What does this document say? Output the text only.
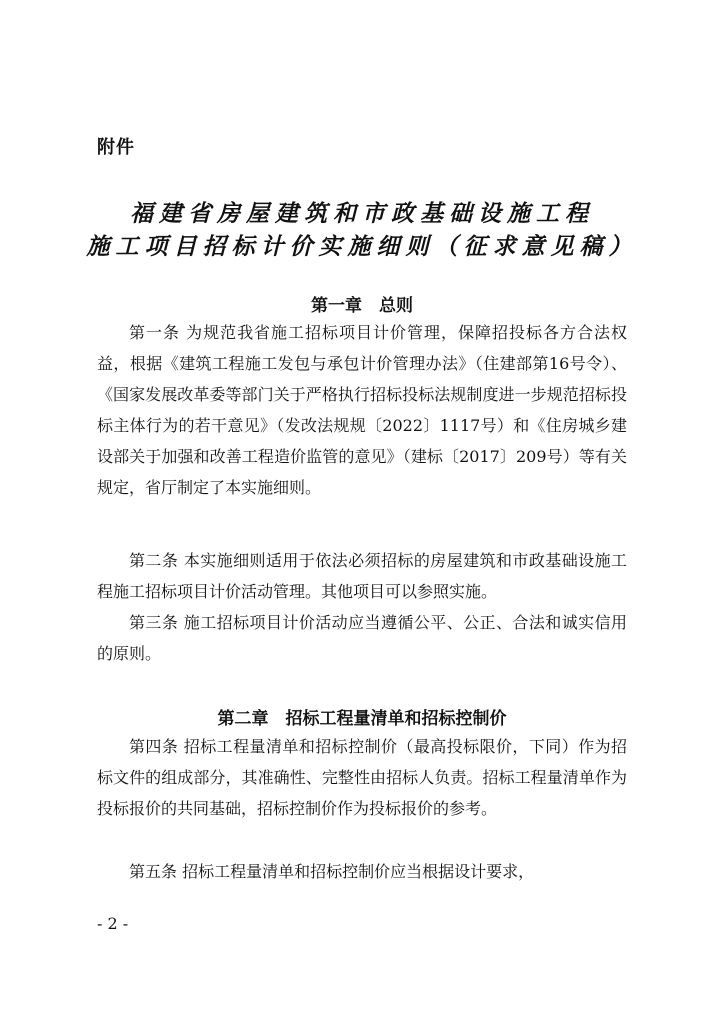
附件
福建省房屋建筑和市政基础设施工程
施工项目招标计价实施细则（征求意见稿）
第一章　总则

第一条 为规范我省施工招标项目计价管理，保障招投标各方合法权益，根据《建筑工程施工发包与承包计价管理办法》（住建部第16号令）、《国家发展改革委等部门关于严格执行招标投标法规制度进一步规范招标投标主体行为的若干意见》（发改法规规〔2022〕1117号）和《住房城乡建设部关于加强和改善工程造价监管的意见》（建标〔2017〕209号）等有关规定，省厅制定了本实施细则。

第二条 本实施细则适用于依法必须招标的房屋建筑和市政基础设施工程施工招标项目计价活动管理。其他项目可以参照实施。

第三条 施工招标项目计价活动应当遵循公平、公正、合法和诚实信用的原则。

第二章　招标工程量清单和招标控制价

第四条 招标工程量清单和招标控制价（最高投标限价，下同）作为招标文件的组成部分，其准确性、完整性由招标人负责。招标工程量清单作为投标报价的共同基础，招标控制价作为投标报价的参考。

第五条 招标工程量清单和招标控制价应当根据设计要求，

- 2 -
